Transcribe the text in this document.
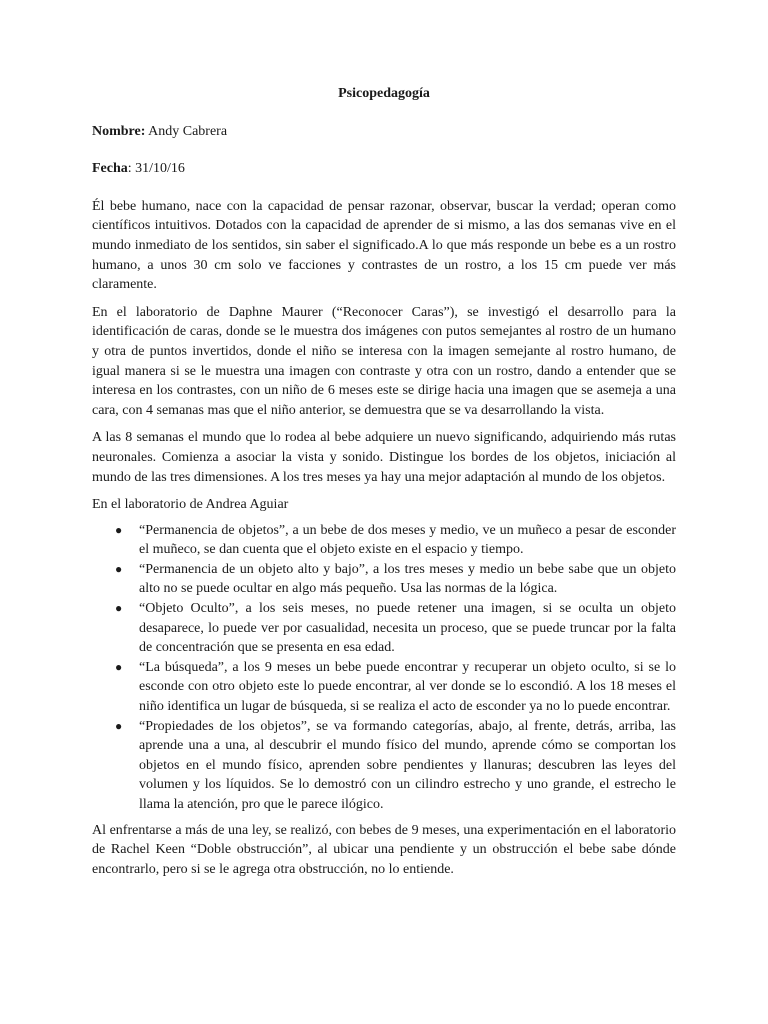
Psicopedagogía
Nombre: Andy Cabrera
Fecha: 31/10/16

Él bebe humano, nace con la capacidad de pensar razonar, observar, buscar la verdad; operan como científicos intuitivos. Dotados con la capacidad de aprender de si mismo, a las dos semanas vive en el mundo inmediato de los sentidos, sin saber el significado.A lo que más responde un bebe es a un rostro humano, a unos 30 cm solo ve facciones y contrastes de un rostro, a los 15 cm puede ver más claramente.

En el laboratorio de Daphne Maurer (“Reconocer Caras”), se investigó el desarrollo para la identificación de caras, donde se le muestra dos imágenes con putos semejantes al rostro de un humano y otra de puntos invertidos, donde el niño se interesa con la imagen semejante al rostro humano, de igual manera si se le muestra una imagen con contraste y otra con un rostro, dando a entender que se interesa en los contrastes, con un niño de 6 meses este se dirige hacia una imagen que se asemeja a una cara, con 4 semanas mas que el niño anterior, se demuestra que se va desarrollando la vista.

A las 8 semanas el mundo que lo rodea al bebe adquiere un nuevo significando, adquiriendo más rutas neuronales. Comienza a asociar la vista y sonido. Distingue los bordes de los objetos, iniciación al mundo de las tres dimensiones. A los tres meses ya hay una mejor adaptación al mundo de los objetos.

En el laboratorio de Andrea Aguiar

● “Permanencia de objetos”, a un bebe de dos meses y medio, ve un muñeco a pesar de esconder el muñeco, se dan cuenta que el objeto existe en el espacio y tiempo.
● “Permanencia de un objeto alto y bajo”, a los tres meses y medio un bebe sabe que un objeto alto no se puede ocultar en algo más pequeño. Usa las normas de la lógica.
● “Objeto Oculto”, a los seis meses, no puede retener una imagen, si se oculta un objeto desaparece, lo puede ver por casualidad, necesita un proceso, que se puede truncar por la falta de concentración que se presenta en esa edad.
● “La búsqueda”, a los 9 meses un bebe puede encontrar y recuperar un objeto oculto, si se lo esconde con otro objeto este lo puede encontrar, al ver donde se lo escondió. A los 18 meses el niño identifica un lugar de búsqueda, si se realiza el acto de esconder ya no lo puede encontrar.
● “Propiedades de los objetos”, se va formando categorías, abajo, al frente, detrás, arriba, las aprende una a una, al descubrir el mundo físico del mundo, aprende cómo se comportan los objetos en el mundo físico, aprenden sobre pendientes y llanuras; descubren las leyes del volumen y los líquidos. Se lo demostró con un cilindro estrecho y uno grande, el estrecho le llama la atención, pro que le parece ilógico.

Al enfrentarse a más de una ley, se realizó, con bebes de 9 meses, una experimentación en el laboratorio de Rachel Keen “Doble obstrucción”, al ubicar una pendiente y un obstrucción el bebe sabe dónde encontrarlo, pero si se le agrega otra obstrucción, no lo entiende.
